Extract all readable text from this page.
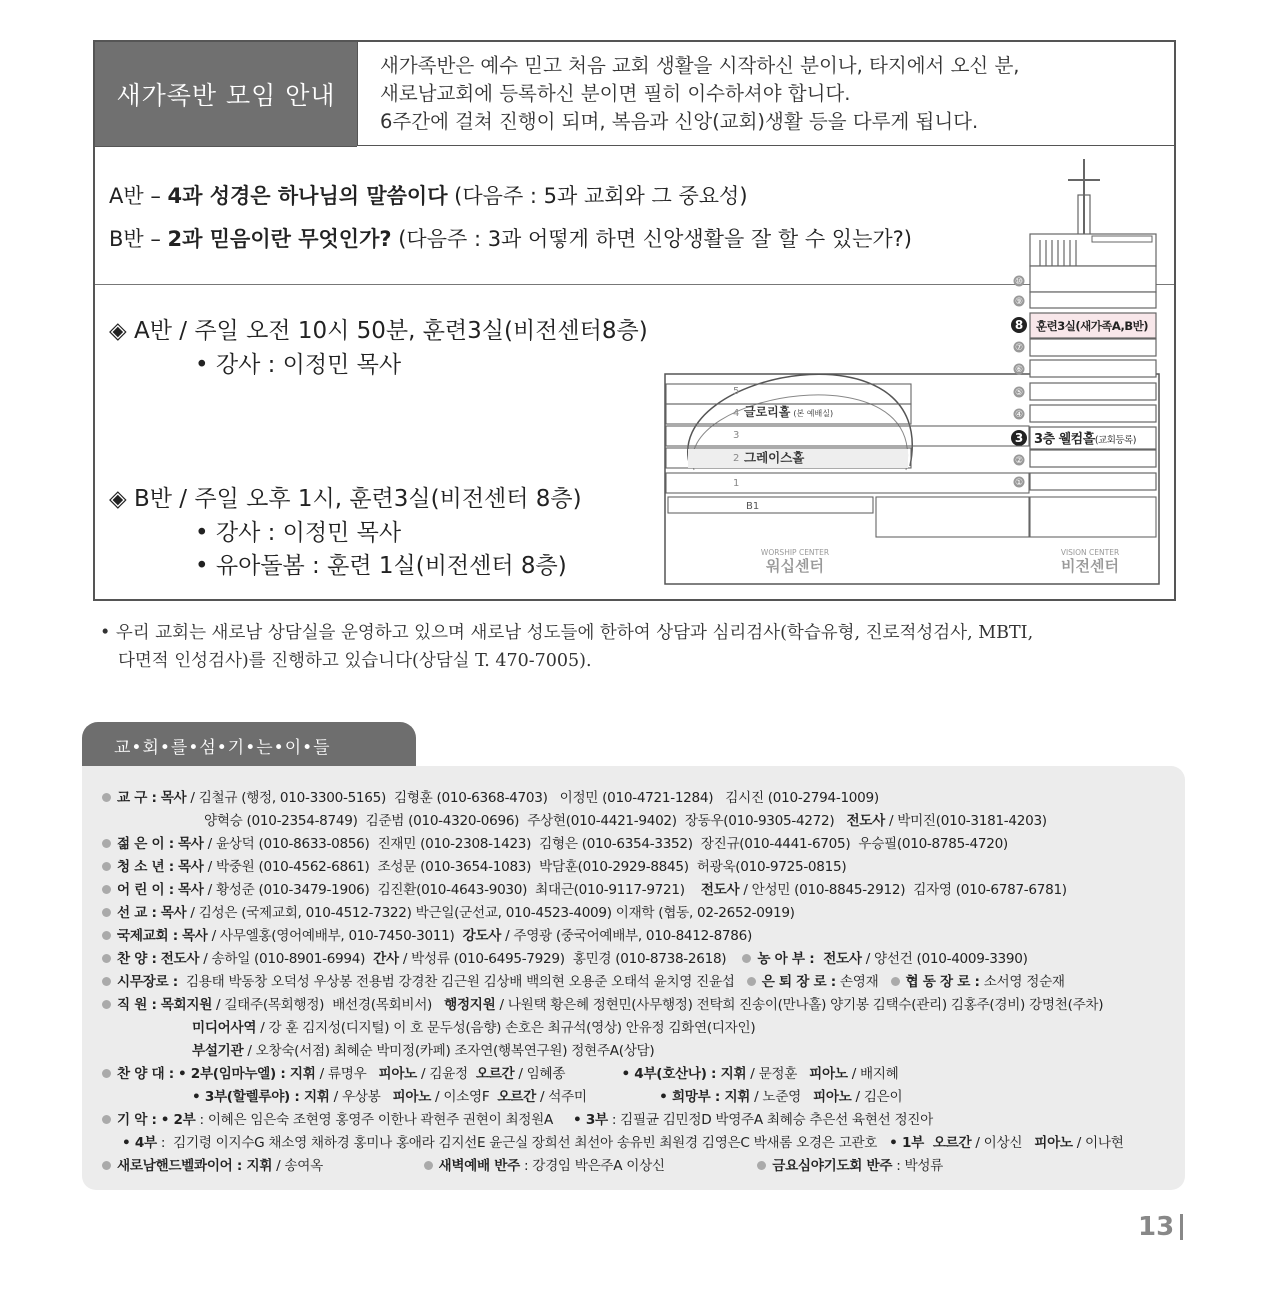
새가족반 모임 안내
새가족반은 예수 믿고 처음 교회 생활을 시작하신 분이나, 타지에서 오신 분,
새로남교회에 등록하신 분이면 필히 이수하셔야 합니다.
6주간에 걸쳐 진행이 되며, 복음과 신앙(교회)생활 등을 다루게 됩니다.
A반 – 4과 성경은 하나님의 말씀이다 (다음주 : 5과 교회와 그 중요성)
B반 – 2과 믿음이란 무엇인가? (다음주 : 3과 어떻게 하면 신앙생활을 잘 할 수 있는가?)
◈ A반 / 주일 오전 10시 50분, 훈련3실(비전센터8층)
• 강사 : 이정민 목사
◈ B반 / 주일 오후 1시, 훈련3실(비전센터 8층)
• 강사 : 이정민 목사
• 유아돌봄 : 훈련 1실(비전센터 8층)
⑩
⑨
8
⑦
⑥
⑤
④
3
②
①
훈련3실(새가족A,B반)
3층 웰컴홀(교회등록)
5
4
3
2
1
글로리홀 (본 예배실)
그레이스홀
B1
WORSHIP CENTER
워십센터
VISION CENTER
비전센터
• 우리 교회는 새로남 상담실을 운영하고 있으며 새로남 성도들에 한하여 상담과 심리검사(학습유형, 진로적성검사, MBTI,
다면적 인성검사)를 진행하고 있습니다(상담실 T. 470-7005).
교•회•를•섬•기•는•이•들
교 구 : 목사 / 김철규 (행정, 010-3300-5165)  김형훈 (010-6368-4703)   이정민 (010-4721-1284)   김시진 (010-2794-1009)
양혁승 (010-2354-8749)  김준범 (010-4320-0696)  주상현(010-4421-9402)  장동우(010-9305-4272)   전도사 / 박미진(010-3181-4203)
젊 은 이 : 목사 / 윤상덕 (010-8633-0856)  진재민 (010-2308-1423)  김형은 (010-6354-3352)  장진규(010-4441-6705)  우승필(010-8785-4720)
청 소 년 : 목사 / 박중원 (010-4562-6861)  조성문 (010-3654-1083)  박담훈(010-2929-8845)  허광욱(010-9725-0815)
어 린 이 : 목사 / 황성준 (010-3479-1906)  김진환(010-4643-9030)  최대근(010-9117-9721)    전도사 / 안성민 (010-8845-2912)  김자영 (010-6787-6781)
선 교 : 목사 / 김성은 (국제교회, 010-4512-7322) 박근일(군선교, 010-4523-4009) 이재학 (협동, 02-2652-0919)
국제교회 : 목사 / 사무엘홍(영어예배부, 010-7450-3011)  강도사 / 주영광 (중국어예배부, 010-8412-8786)
찬 양 : 전도사 / 송하일 (010-8901-6994)  간사 / 박성류 (010-6495-7929)  홍민경 (010-8738-2618)    농 아 부 :  전도사 / 양선건 (010-4009-3390)
시무장로 :  김용태 박동창 오덕성 우상봉 전용범 강경찬 김근원 김상배 백의현 오용준 오태석 윤치영 진윤섭   은 퇴 장 로 : 손영재   협 동 장 로 : 소서영 정순재
직 원 : 목회지원 / 길태주(목회행정)  배선경(목회비서)   행정지원 / 나원택 황은혜 정현민(사무행정) 전탁희 진송이(만나홀) 양기봉 김택수(관리) 김홍주(경비) 강명천(주차)
미디어사역 / 강 훈 김지성(디지털) 이 호 문두성(음향) 손호은 최규석(영상) 안유정 김화연(디자인)
부설기관 / 오창숙(서점) 최혜순 박미정(카페) 조자연(행복연구원) 정현주A(상담)
찬 양 대 : • 2부(임마누엘) : 지휘 / 류명우   피아노 / 김윤정  오르간 / 임혜종              • 4부(호산나) : 지휘 / 문정훈   피아노 / 배지혜
• 3부(할렐루야) : 지휘 / 우상봉   피아노 / 이소영F  오르간 / 석주미                  • 희망부 : 지휘 / 노준영   피아노 / 김은이
기 악 : • 2부 : 이혜은 임은숙 조현영 홍영주 이한나 곽현주 권현이 최정원A     • 3부 : 김필균 김민정D 박영주A 최혜승 추은선 육현선 정진아
• 4부 :  김기령 이지수G 채소영 채하경 홍미나 홍애라 김지선E 윤근실 장희선 최선아 송유빈 최원경 김영은C 박새롬 오경은 고관호   • 1부  오르간 / 이상신   피아노 / 이나현
새로남핸드벨콰이어 : 지휘 / 송여옥                         새벽예배 반주 : 강경임 박은주A 이상신                       금요심야기도회 반주 : 박성류
13
